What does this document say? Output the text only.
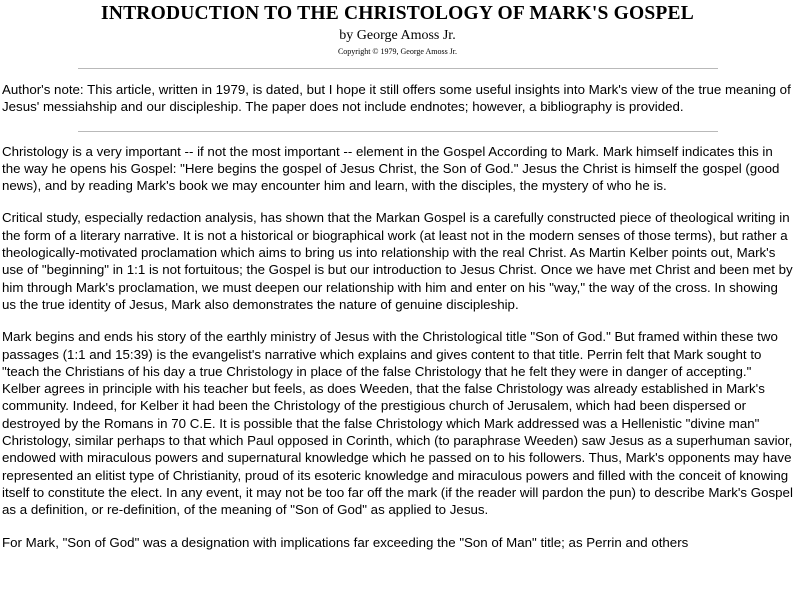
INTRODUCTION TO THE CHRISTOLOGY OF MARK'S GOSPEL
by George Amoss Jr.
Copyright © 1979, George Amoss Jr.

Author's note: This article, written in 1979, is dated, but I hope it still offers some useful insights into Mark's view of the true meaning of Jesus' messiahship and our discipleship. The paper does not include endnotes; however, a bibliography is provided.

Christology is a very important -- if not the most important -- element in the Gospel According to Mark. Mark himself indicates this in the way he opens his Gospel: "Here begins the gospel of Jesus Christ, the Son of God." Jesus the Christ is himself the gospel (good news), and by reading Mark's book we may encounter him and learn, with the disciples, the mystery of who he is.

Critical study, especially redaction analysis, has shown that the Markan Gospel is a carefully constructed piece of theological writing in the form of a literary narrative. It is not a historical or biographical work (at least not in the modern senses of those terms), but rather a theologically-motivated proclamation which aims to bring us into relationship with the real Christ. As Martin Kelber points out, Mark's use of "beginning" in 1:1 is not fortuitous; the Gospel is but our introduction to Jesus Christ. Once we have met Christ and been met by him through Mark's proclamation, we must deepen our relationship with him and enter on his "way," the way of the cross. In showing us the true identity of Jesus, Mark also demonstrates the nature of genuine discipleship.

Mark begins and ends his story of the earthly ministry of Jesus with the Christological title "Son of God." But framed within these two passages (1:1 and 15:39) is the evangelist's narrative which explains and gives content to that title. Perrin felt that Mark sought to "teach the Christians of his day a true Christology in place of the false Christology that he felt they were in danger of accepting." Kelber agrees in principle with his teacher but feels, as does Weeden, that the false Christology was already established in Mark's community. Indeed, for Kelber it had been the Christology of the prestigious church of Jerusalem, which had been dispersed or destroyed by the Romans in 70 C.E. It is possible that the false Christology which Mark addressed was a Hellenistic "divine man" Christology, similar perhaps to that which Paul opposed in Corinth, which (to paraphrase Weeden) saw Jesus as a superhuman savior, endowed with miraculous powers and supernatural knowledge which he passed on to his followers. Thus, Mark's opponents may have represented an elitist type of Christianity, proud of its esoteric knowledge and miraculous powers and filled with the conceit of knowing itself to constitute the elect. In any event, it may not be too far off the mark (if the reader will pardon the pun) to describe Mark's Gospel as a definition, or re-definition, of the meaning of "Son of God" as applied to Jesus.

For Mark, "Son of God" was a designation with implications far exceeding the "Son of Man" title; as Perrin and others
